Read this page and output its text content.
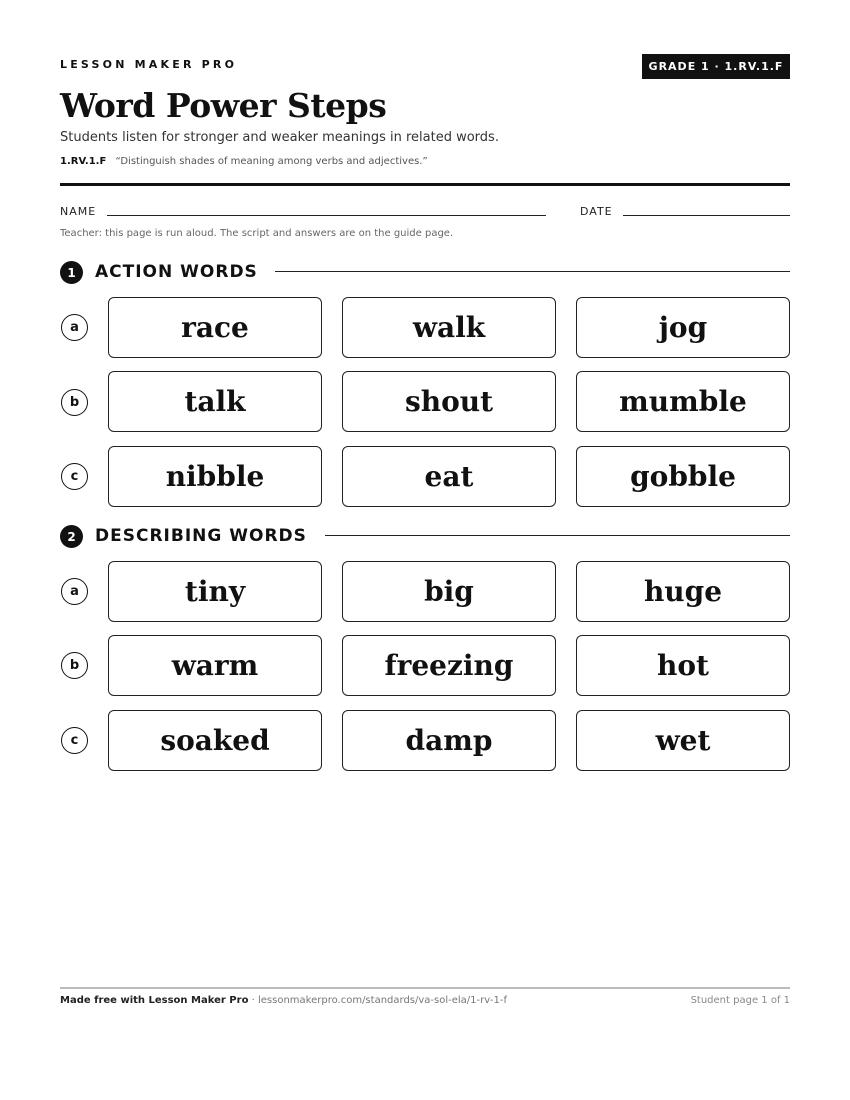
LESSON MAKER PRO	GRADE 1 · 1.RV.1.F
Word Power Steps
Students listen for stronger and weaker meanings in related words.
1.RV.1.F “Distinguish shades of meaning among verbs and adjectives.”
NAME	DATE
Teacher: this page is run aloud. The script and answers are on the guide page.
1	ACTION WORDS
a	race	walk	jog
b	talk	shout	mumble
c	nibble	eat	gobble
2	DESCRIBING WORDS
a	tiny	big	huge
b	warm	freezing	hot
c	soaked	damp	wet
Made free with Lesson Maker Pro · lessonmakerpro.com/standards/va-sol-ela/1-rv-1-f	Student page 1 of 1
